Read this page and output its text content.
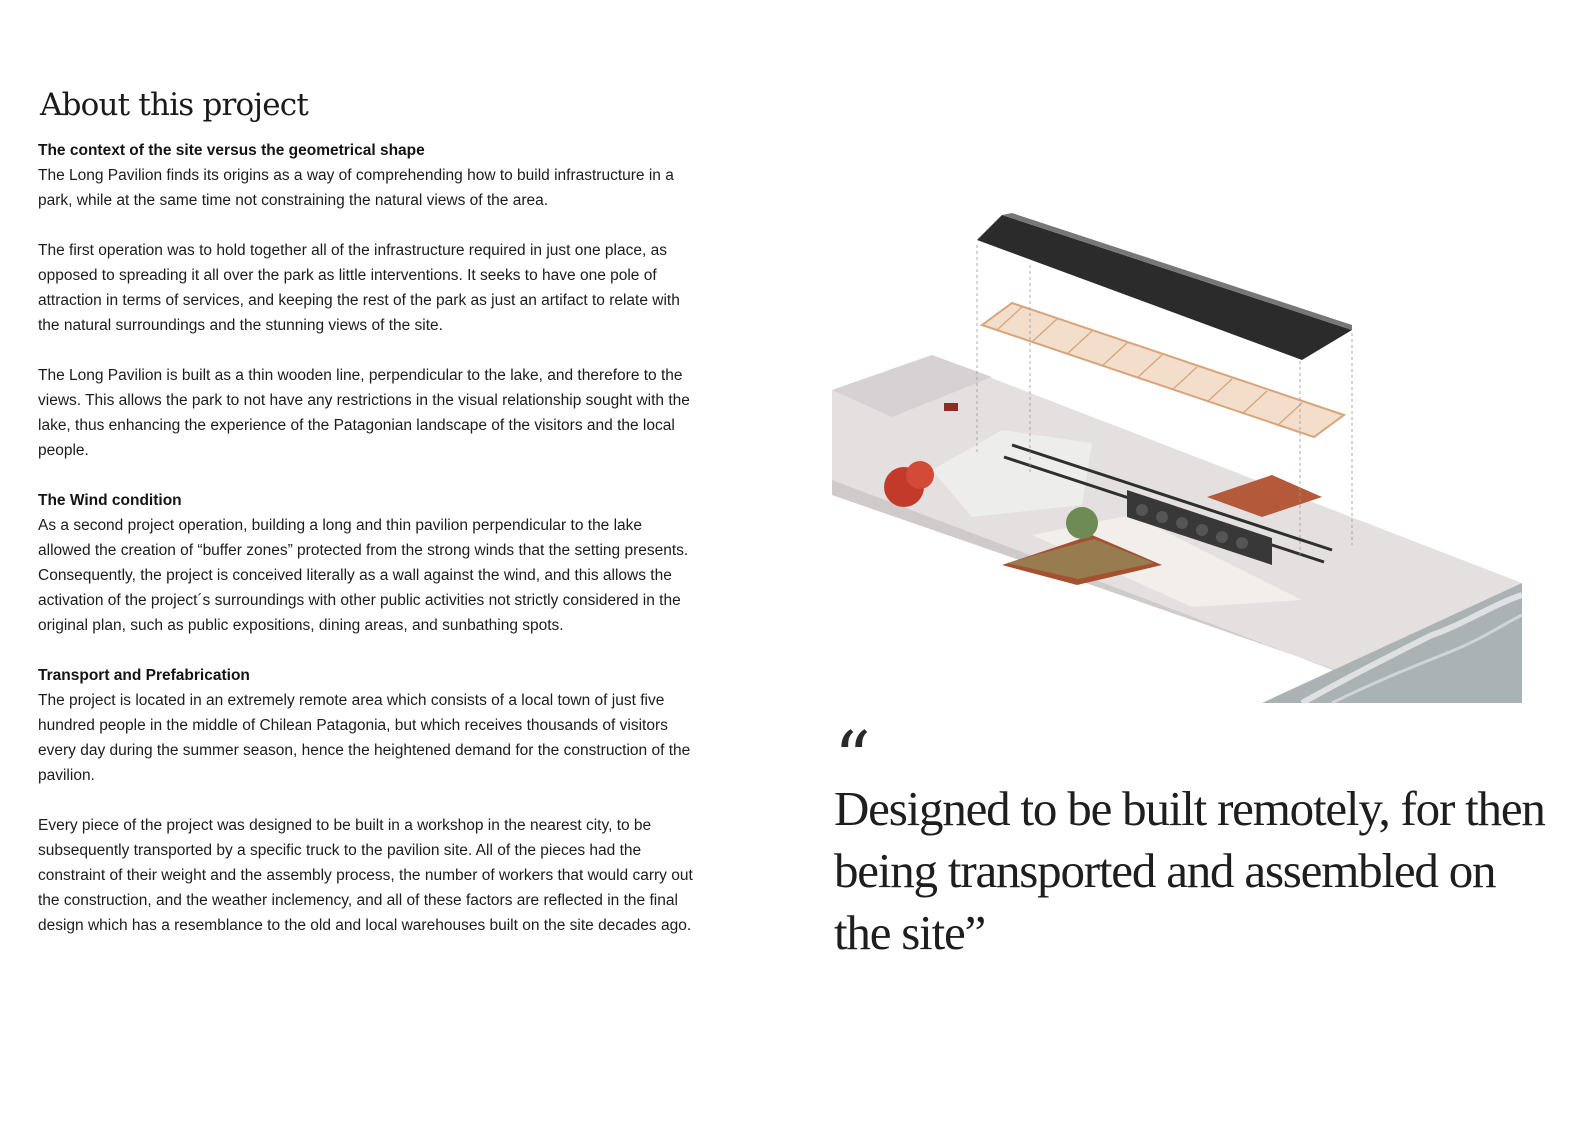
About this project

The context of the site versus the geometrical shape

The Long Pavilion finds its origins as a way of comprehending how to build infrastructure in a park, while at the same time not constraining the natural views of the area.

The first operation was to hold together all of the infrastructure required in just one place, as opposed to spreading it all over the park as little interventions. It seeks to have one pole of attraction in terms of services, and keeping the rest of the park as just an artifact to relate with the natural surroundings and the stunning views of the site.

The Long Pavilion is built as a thin wooden line, perpendicular to the lake, and therefore to the views. This allows the park to not have any restrictions in the visual relationship sought with the lake, thus enhancing the experience of the Patagonian landscape of the visitors and the local people.

The Wind condition

As a second project operation, building a long and thin pavilion perpendicular to the lake allowed the creation of “buffer zones” protected from the strong winds that the setting presents. Consequently, the project is conceived literally as a wall against the wind, and this allows the activation of the project´s surroundings with other public activities not strictly considered in the original plan, such as public expositions, dining areas, and sunbathing spots.

Transport and Prefabrication

The project is located in an extremely remote area which consists of a local town of just five hundred people in the middle of Chilean Patagonia, but which receives thousands of visitors every day during the summer season, hence the heightened demand for the construction of the pavilion.

Every piece of the project was designed to be built in a workshop in the nearest city, to be subsequently transported by a specific truck to the pavilion site. All of the pieces had the constraint of their weight and the assembly process, the number of workers that would carry out the construction, and the weather inclemency, and all of these factors are reflected in the final design which has a resemblance to the old and local warehouses built on the site decades ago.

“

Designed to be built remotely, for then being transported and assembled on the site”
